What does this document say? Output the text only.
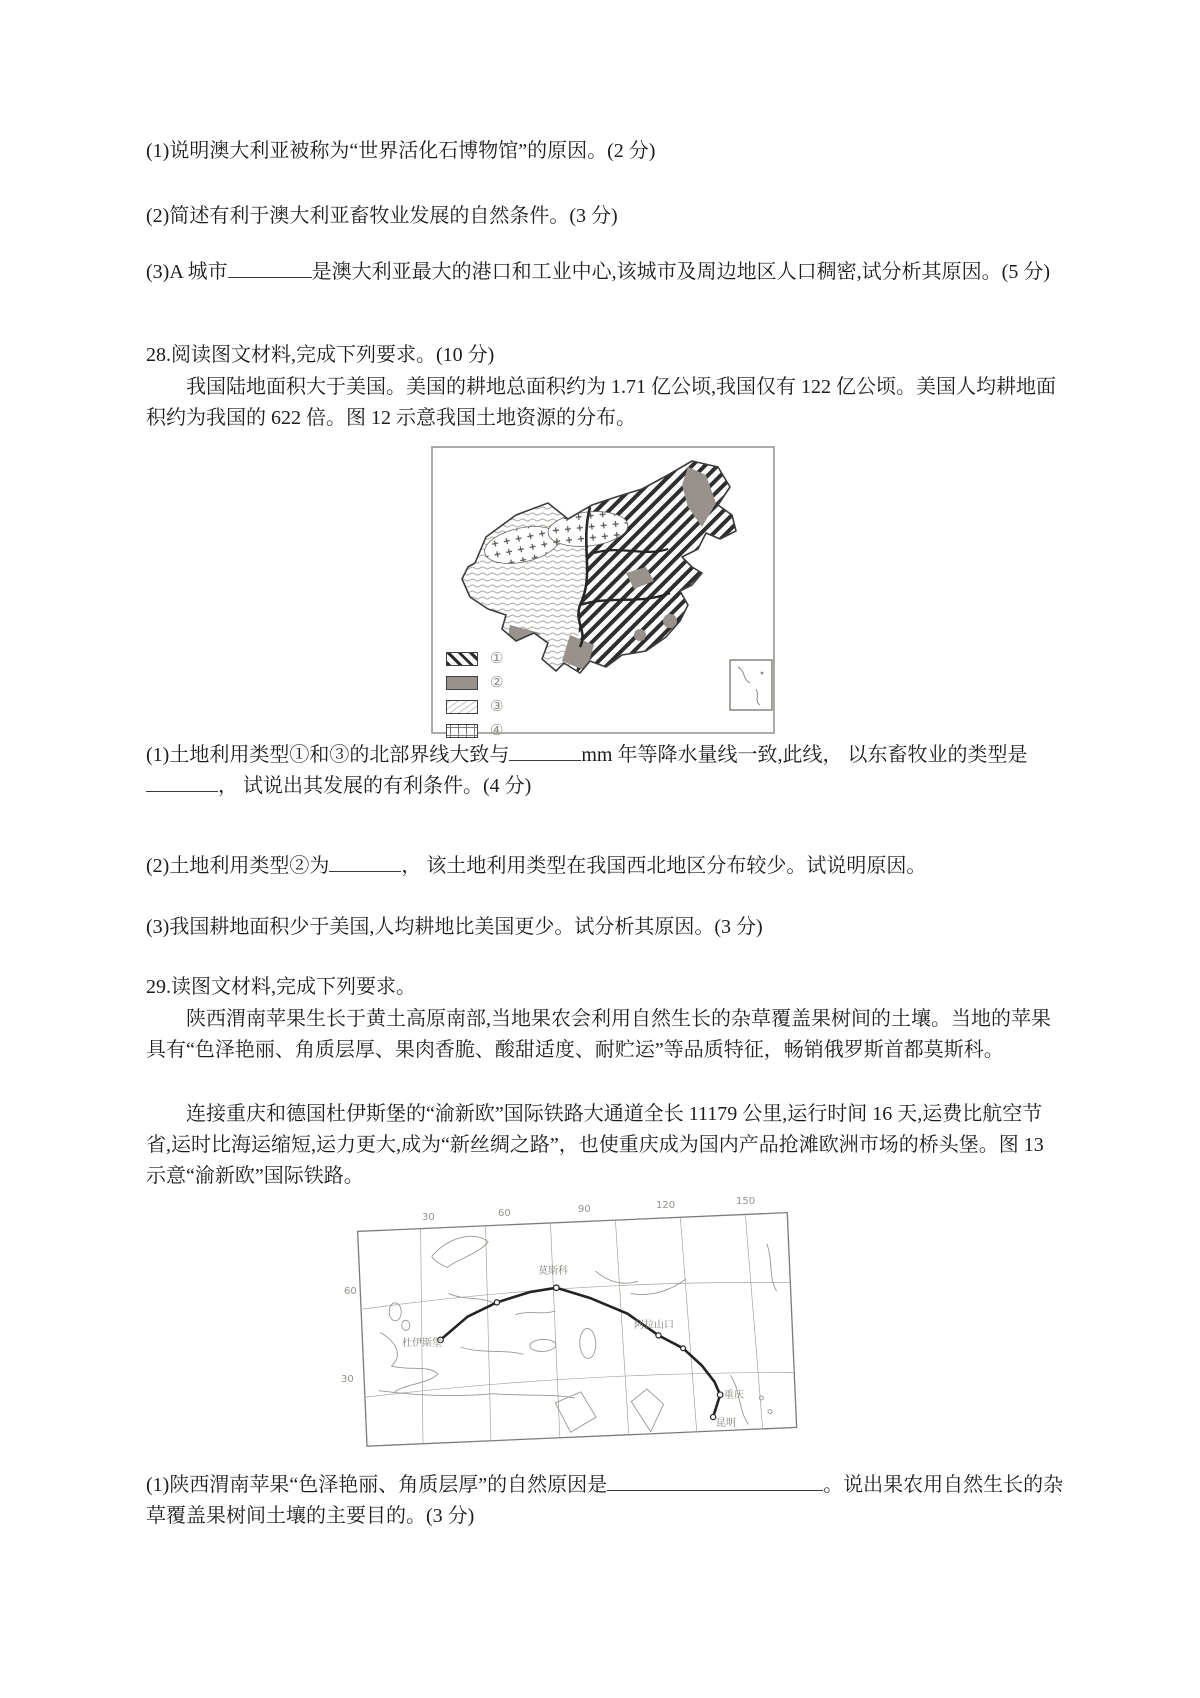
(1)说明澳大利亚被称为“世界活化石博物馆”的原因。(2 分)

(2)简述有利于澳大利亚畜牧业发展的自然条件。(3 分)

(3)A 城市	是澳大利亚最大的港口和工业中心,该城市及周边地区人口稠密,试分析其原因。(5 分)

28.阅读图文材料,完成下列要求。(10 分)

我国陆地面积大于美国。美国的耕地总面积约为 1.71 亿公顷,我国仅有 122 亿公顷。美国人均耕地面积约为我国的 622 倍。图 12 示意我国土地资源的分布。

①
②
③
④

(1)土地利用类型①和③的北部界线大致与	mm 年等降水量线一致,此线， 以东畜牧业的类型是， 试说出其发展的有利条件。(4 分)

(2)土地利用类型②为	， 该土地利用类型在我国西北地区分布较少。试说明原因。

(3)我国耕地面积少于美国,人均耕地比美国更少。试分析其原因。(3 分)

29.读图文材料,完成下列要求。

陕西渭南苹果生长于黄土高原南部,当地果农会利用自然生长的杂草覆盖果树间的土壤。当地的苹果具有“色泽艳丽、角质层厚、果肉香脆、酸甜适度、耐贮运”等品质特征，畅销俄罗斯首都莫斯科。

连接重庆和德国杜伊斯堡的“渝新欧”国际铁路大通道全长 11179 公里,运行时间 16 天,运费比航空节省,运时比海运缩短,运力更大,成为“新丝绸之路”，也使重庆成为国内产品抢滩欧洲市场的桥头堡。图 13 示意“渝新欧”国际铁路。

30	60	90	120	150
60
30
杜伊斯堡
莫斯科
阿拉山口
重庆
昆明

(1)陕西渭南苹果“色泽艳丽、角质层厚”的自然原因是	。说出果农用自然生长的杂草覆盖果树间土壤的主要目的。(3 分)
